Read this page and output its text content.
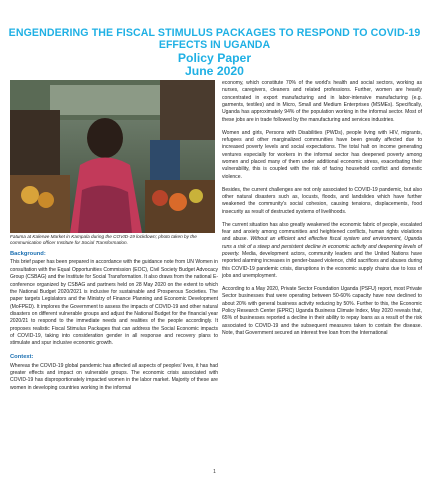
ENGENDERING THE FISCAL STIMULUS PACKAGES TO RESPOND TO COVID-19
EFFECTS IN UGANDA
Policy Paper
June 2020
Fatuma at Kalerwe Market in Kampala during the COVID-19 lockdown; photo taken by the communication officer Institute for Social Transformation.
Background:

This brief paper has been prepared in accordance with the guidance note from UN Women in consultation with the Equal Opportunities Commission (EOC), Civil Society Budget Advocacy Group (CSBAG) and the Institute for Social Transformation. It also draws from the national E- conference organized by CSBAG and partners held on 28 May 2020 on the extent to which the National Budget 2020/2021 is inclusive for sustainable and Prosperous Societies. The paper targets Legislators and the Ministry of Finance Planning and Economic Development (MoFPED). It implores the Government to assess the impacts of COVID-19 and other natural disasters on different vulnerable groups and adjust the National Budget for the financial year 2020/21 to respond to the immediate needs and realities of the people accordingly. It proposes realistic Fiscal Stimulus Packages that can address the Social Economic impacts of COVID-19, taking into consideration gender in all response and recovery plans to stimulate and spur inclusive economic growth.

Context:

Whereas the COVID-19 global pandemic has affected all aspects of peoples' lives, it has had greater effects and impact on vulnerable groups. The economic crisis associated with COVID-19 has disproportionately impacted women in the labor market. Majority of these are women in developing countries working in the informal

economy, which constitute 70% of the world's health and social sectors, working as nurses, caregivers, cleaners and related professions. Further, women are heavily concentrated in export manufacturing and in labor-intensive manufacturing (e.g. garments, textiles) and in Micro, Small and Medium Enterprises (MSMEs). Specifically, Uganda has approximately 94% of the population working in the informal sector. Most of these jobs are in trade followed by the manufacturing and services industries.

Women and girls, Persons with Disabilities (PWDs), people living with HIV, migrants, refugees and other marginalized communities have been greatly affected due to increased poverty levels and social expectations. The total halt on income generating ventures especially for workers in the informal sector has deepened poverty among women and placed many of them under additional economic stress, exacerbating their vulnerability, this is coupled with the risk of facing household conflict and domestic violence.

Besides, the current challenges are not only associated to COVID-19 pandemic, but also other natural disasters such as, locusts, floods, and landslides which have further weakened the community's social cohesion, causing tensions, displacements, food insecurity as result of destructed systems of livelihoods.

The current situation has also greatly weakened the economic fabric of people, escalated fear and anxiety among communities and heightened conflicts, human rights violations and abuse. Without an efficient and effective fiscal system and environment, Uganda runs a risk of a steep and persistent decline in economic activity and deepening levels of poverty. Media, development actors, community leaders and the United Nations have reported alarming increases in gender-based violence, child sacrifices and abuses during this COVID-19 pandemic crisis, disruptions in the economic supply chains due to loss of jobs and unemployment.

According to a May 2020, Private Sector Foundation Uganda (PSFU) report, most Private Sector businesses that were operating between 50-60% capacity have now declined to about 20% with general business activity reducing by 50%. Further to this, the Economic Policy Research Center (EPRC) Uganda Business Climate Index, May 2020 reveals that, 65% of businesses reported a decline in their ability to repay loans as a result of the risk associated to COVID-19 and the subsequent measures taken to contain the disease. Note, that Government secured an interest free loan from the International

1
